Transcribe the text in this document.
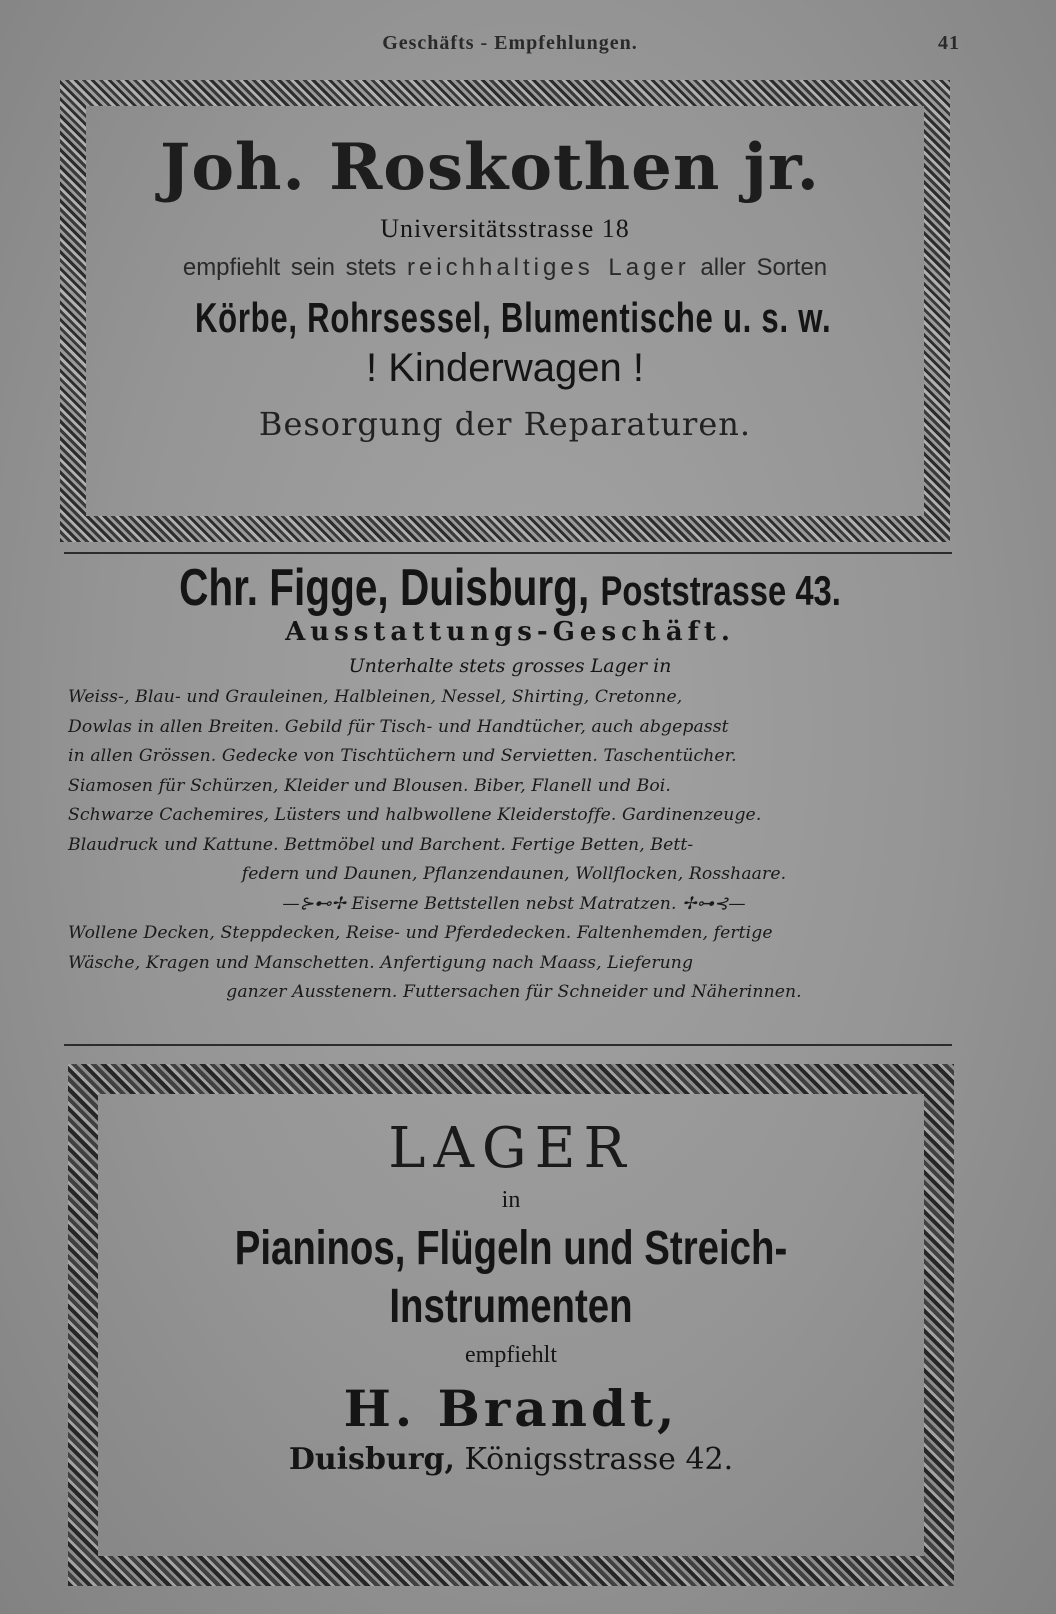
Geschäfts - Empfehlungen.	41
Joh. Roskothen jr.
Universitätsstrasse 18
empfiehlt sein stets reichhaltiges Lager aller Sorten
Körbe, Rohrsessel, Blumentische u. s. w.
! Kinderwagen !
Besorgung der Reparaturen.
Chr. Figge, Duisburg, Poststrasse 43.
Ausstattungs-Geschäft.
Unterhalte stets grosses Lager in
Weiss-, Blau- und Grauleinen, Halbleinen, Nessel, Shirting, Cretonne,
Dowlas in allen Breiten. Gebild für Tisch- und Handtücher, auch abgepasst
in allen Grössen. Gedecke von Tischtüchern und Servietten. Taschentücher.
Siamosen für Schürzen, Kleider und Blousen. Biber, Flanell und Boi.
Schwarze Cachemires, Lüsters und halbwollene Kleiderstoffe. Gardinenzeuge.
Blaudruck und Kattune. Bettmöbel und Barchent. Fertige Betten, Bett-
federn und Daunen, Pflanzendaunen, Wollflocken, Rosshaare.
—⊱⊷✢ Eiserne Bettstellen nebst Matratzen. ✢⊶⊰—
Wollene Decken, Steppdecken, Reise- und Pferdedecken. Faltenhemden, fertige
Wäsche, Kragen und Manschetten. Anfertigung nach Maass, Lieferung
ganzer Ausstenern. Futtersachen für Schneider und Näherinnen.
LAGER
in
Pianinos, Flügeln und Streich-
Instrumenten
empfiehlt
H. Brandt,
Duisburg, Königsstrasse 42.
